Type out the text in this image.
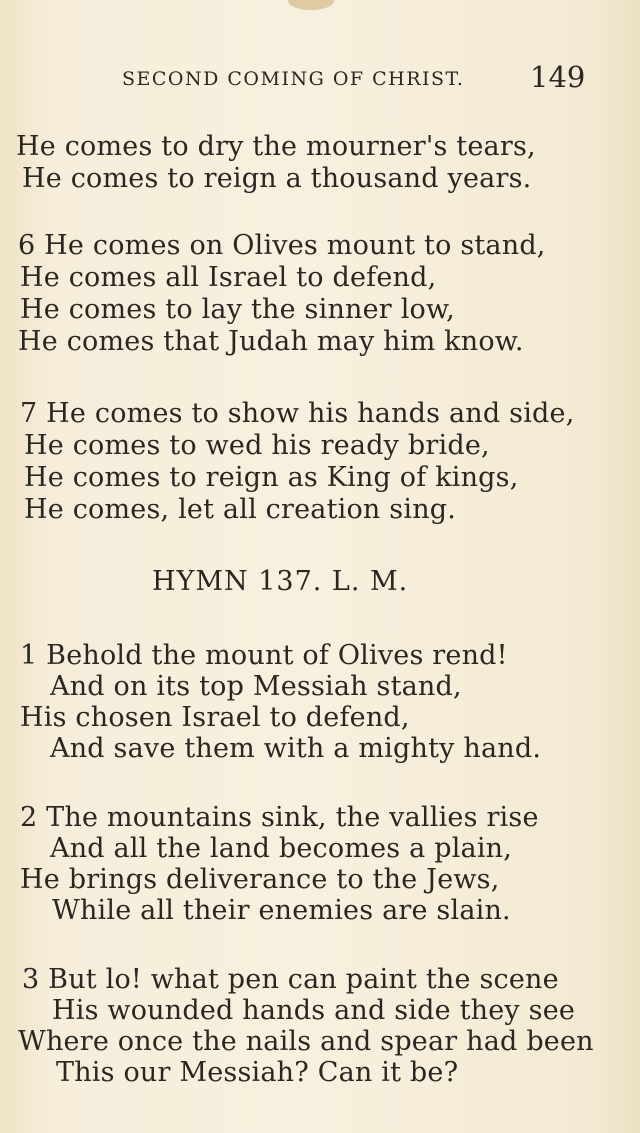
SECOND COMING OF CHRIST. 149
He comes to dry the mourner's tears,
He comes to reign a thousand years.
6 He comes on Olives mount to stand,
He comes all Israel to defend,
He comes to lay the sinner low,
He comes that Judah may him know.
7 He comes to show his hands and side,
He comes to wed his ready bride,
He comes to reign as King of kings,
He comes, let all creation sing.
HYMN 137. L. M.
1 Behold the mount of Olives rend!
And on its top Messiah stand,
His chosen Israel to defend,
And save them with a mighty hand.
2 The mountains sink, the vallies rise
And all the land becomes a plain,
He brings deliverance to the Jews,
While all their enemies are slain.
3 But lo! what pen can paint the scene
His wounded hands and side they see
Where once the nails and spear had been
This our Messiah? Can it be?
